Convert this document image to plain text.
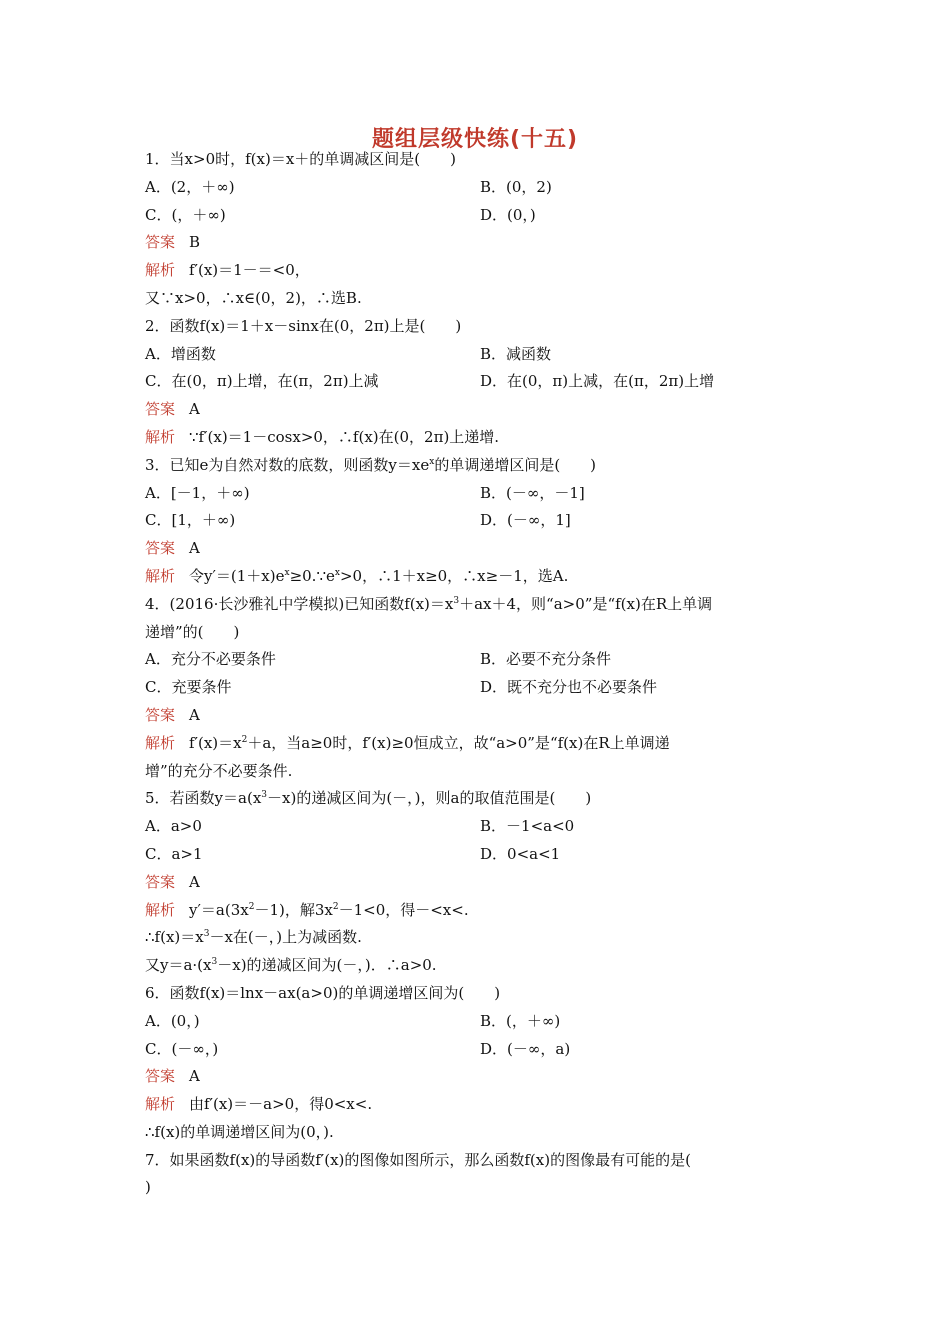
题组层级快练(十五)
1．当x>0时，f(x)＝x＋的单调减区间是(　　)
A．(2，＋∞)	B．(0，2)
C．(，＋∞)	D．(0，)
答案 B
解析 f′(x)＝1－＝<0，
又∵x>0，∴x∈(0，2)，∴选B.
2．函数f(x)＝1＋x－sinx在(0，2π)上是(　　)
A．增函数	B．减函数
C．在(0，π)上增，在(π，2π)上减	D．在(0，π)上减，在(π，2π)上增
答案 A
解析 ∵f′(x)＝1－cosx>0，∴f(x)在(0，2π)上递增.
3．已知e为自然对数的底数，则函数$y=xe^x$的单调递增区间是(　　)
A．[－1，＋∞)	B．(－∞，－1]
C．[1，＋∞)	D．(－∞，1]
答案 A
解析 令$y'=(1+x)e^x\ge 0.\because e^x>0$，∴1＋x≥0，∴x≥－1，选A.
4．(2016·长沙雅礼中学模拟)已知函数$f(x)=x^3+ax+4$，则“a>0”是“f(x)在R上单调
递增”的(　　)
A．充分不必要条件	B．必要不充分条件
C．充要条件	D．既不充分也不必要条件
答案 A
解析 $f'(x)=x^2+a$，当a≥0时，f′(x)≥0恒成立，故“a>0”是“f(x)在R上单调递
增”的充分不必要条件.
5．若函数$y=a(x^3-x)$的递减区间为(－，)，则a的取值范围是(　　)
A．a>0	B．－1<a<0
C．a>1	D．0<a<1
答案 A
解析 $y'=a(3x^2-1)$，解$3x^2-1<0$，得－<x<.
$\therefore f(x)=x^3-x$在(－，)上为减函数.
又$y=a\cdot(x^3-x)$的递减区间为(－，)．∴a>0.
6．函数f(x)＝lnx－ax(a>0)的单调递增区间为(　　)
A．(0，)	B．(，＋∞)
C．(－∞，)	D．(－∞，a)
答案 A
解析 由f′(x)＝－a>0，得0<x<.
∴f(x)的单调递增区间为(0，).
7．如果函数f(x)的导函数f′(x)的图像如图所示，那么函数f(x)的图像最有可能的是(
)
